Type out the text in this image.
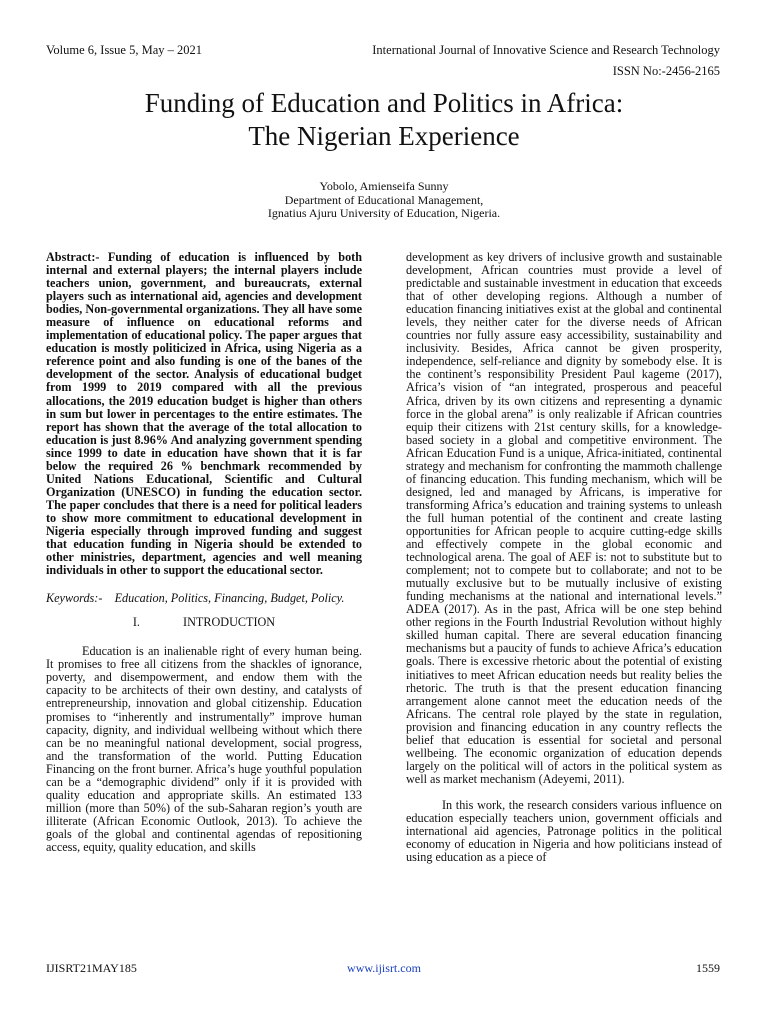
Volume 6, Issue 5, May – 2021	International Journal of Innovative Science and Research Technology
ISSN No:-2456-2165
Funding of Education and Politics in Africa:
The Nigerian Experience
Yobolo, Amienseifa Sunny
Department of Educational Management,
Ignatius Ajuru University of Education, Nigeria.

Abstract:- Funding of education is influenced by both internal and external players; the internal players include teachers union, government, and bureaucrats, external players such as international aid, agencies and development bodies, Non-governmental organizations. They all have some measure of influence on educational reforms and implementation of educational policy. The paper argues that education is mostly politicized in Africa, using Nigeria as a reference point and also funding is one of the banes of the development of the sector. Analysis of educational budget from 1999 to 2019 compared with all the previous allocations, the 2019 education budget is higher than others in sum but lower in percentages to the entire estimates. The report has shown that the average of the total allocation to education is just 8.96% And analyzing government spending since 1999 to date in education have shown that it is far below the required 26 % benchmark recommended by United Nations Educational, Scientific and Cultural Organization (UNESCO) in funding the education sector. The paper concludes that there is a need for political leaders to show more commitment to educational development in Nigeria especially through improved funding and suggest that education funding in Nigeria should be extended to other ministries, department, agencies and well meaning individuals in other to support the educational sector.

Keywords:- Education, Politics, Financing, Budget, Policy.

I.	INTRODUCTION

Education is an inalienable right of every human being. It promises to free all citizens from the shackles of ignorance, poverty, and disempowerment, and endow them with the capacity to be architects of their own destiny, and catalysts of entrepreneurship, innovation and global citizenship. Education promises to “inherently and instrumentally” improve human capacity, dignity, and individual wellbeing without which there can be no meaningful national development, social progress, and the transformation of the world. Putting Education Financing on the front burner. Africa’s huge youthful population can be a “demographic dividend” only if it is provided with quality education and appropriate skills. An estimated 133 million (more than 50%) of the sub-Saharan region’s youth are illiterate (African Economic Outlook, 2013). To achieve the goals of the global and continental agendas of repositioning access, equity, quality education, and skills

development as key drivers of inclusive growth and sustainable development, African countries must provide a level of predictable and sustainable investment in education that exceeds that of other developing regions. Although a number of education financing initiatives exist at the global and continental levels, they neither cater for the diverse needs of African countries nor fully assure easy accessibility, sustainability and inclusivity. Besides, Africa cannot be given prosperity, independence, self-reliance and dignity by somebody else. It is the continent’s responsibility President Paul kageme (2017), Africa’s vision of “an integrated, prosperous and peaceful Africa, driven by its own citizens and representing a dynamic force in the global arena” is only realizable if African countries equip their citizens with 21st century skills, for a knowledge-based society in a global and competitive environment. The African Education Fund is a unique, Africa-initiated, continental strategy and mechanism for confronting the mammoth challenge of financing education. This funding mechanism, which will be designed, led and managed by Africans, is imperative for transforming Africa’s education and training systems to unleash the full human potential of the continent and create lasting opportunities for African people to acquire cutting-edge skills and effectively compete in the global economic and technological arena. The goal of AEF is: not to substitute but to complement; not to compete but to collaborate; and not to be mutually exclusive but to be mutually inclusive of existing funding mechanisms at the national and international levels.” ADEA (2017). As in the past, Africa will be one step behind other regions in the Fourth Industrial Revolution without highly skilled human capital. There are several education financing mechanisms but a paucity of funds to achieve Africa’s education goals. There is excessive rhetoric about the potential of existing initiatives to meet African education needs but reality belies the rhetoric. The truth is that the present education financing arrangement alone cannot meet the education needs of the Africans. The central role played by the state in regulation, provision and financing education in any country reflects the belief that education is essential for societal and personal wellbeing. The economic organization of education depends largely on the political will of actors in the political system as well as market mechanism (Adeyemi, 2011).

In this work, the research considers various influence on education especially teachers union, government officials and international aid agencies, Patronage politics in the political economy of education in Nigeria and how politicians instead of using education as a piece of

IJISRT21MAY185	www.ijisrt.com	1559
